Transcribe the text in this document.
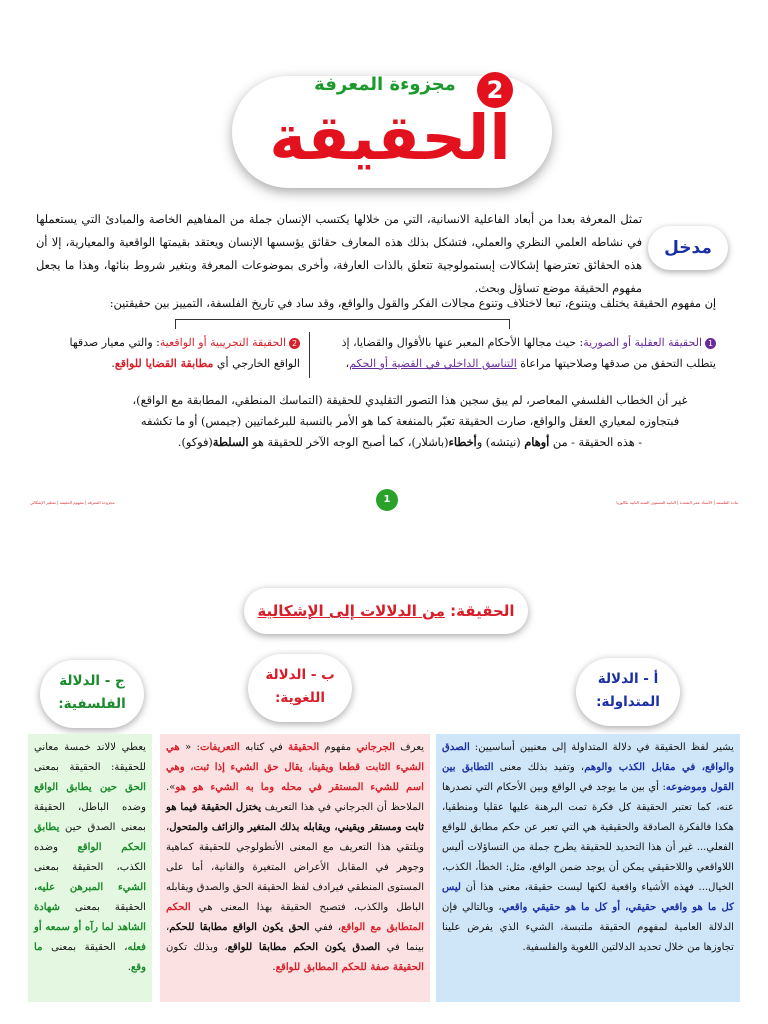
2
مجزوءة المعرفة
الحقيقة
مدخل
تمثل المعرفة بعدا من أبعاد الفاعلية الانسانية، التي من خلالها يكتسب الإنسان جملة من المفاهيم الخاصة والمبادئ التي يستعملها في نشاطه العلمي النظري والعملي، فتشكل بذلك هذه المعارف حقائق يؤسسها الإنسان ويعتقد بقيمتها الواقعية والمعيارية، إلا أن هذه الحقائق تعترضها إشكالات إبستمولوجية تتعلق بالذات العارفة، وأخرى بموضوعات المعرفة وبتغير شروط بنائها، وهذا ما يجعل مفهوم الحقيقة موضع تساؤل وبحث.
إن مفهوم الحقيقة يختلف ويتنوع، تبعا لاختلاف وتنوع مجالات الفكر والقول والواقع، وقد ساد في تاريخ الفلسفة، التمييز بين حقيقتين:
1الحقيقة العقلية أو الصورية: حيث مجالها الأحكام المعبر عنها بالأقوال والقضايا، إذ يتطلب التحقق من صدقها وصلاحيتها مراعاة التناسق الداخلي في القضية أو الحكم،
2الحقيقة التجريبية أو الواقعية: والتي معيار صدقها الواقع الخارجي أي مطابقة القضايا للواقع.
غير أن الخطاب الفلسفي المعاصر، لم يبق سجين هذا التصور التقليدي للحقيقة (التماسك المنطقي، المطابقة مع الواقع)،
فبتجاوزه لمعياري العقل والواقع، صارت الحقيقة تعبّر بالمنفعة كما هو الأمر بالنسبة للبرغماتيين (جيمس) أو ما تكشفه
- هذه الحقيقة - من أوهام (نيتشه) وأخطاء(باشلار)، كما أصبح الوجه الآخر للحقيقة هو السلطة(فوكو).
مادة الفلسفة | الأستاذ عمر الشعدة | الثانية المستوى السنة الثانية بكالوريا
مجزوءة المعرفة | مفهوم الحقيقة | تقطير الإشكالي	1
الحقيقة: من الدلالات إلى الإشكالية
أ - الدلالة
المتداولة:
ب - الدلالة
اللغوية:
ج - الدلالة
الفلسفية:
يشير لفظ الحقيقة في دلالة المتداولة إلى معنيين أساسيين: الصدق والواقع، في مقابل الكذب والوهم، وتفيد بذلك معنى التطابق بين القول وموضوعه: أي بين ما يوجد في الواقع وبين الأحكام التي نصدرها عنه، كما تعتبر الحقيقة كل فكرة تمت البرهنة عليها عقليا ومنطقيا، هكذا فالفكرة الصادقة والحقيقية هي التي تعبر عن حكم مطابق للواقع الفعلي... غير أن هذا التحديد للحقيقة يطرح جملة من التساؤلات أليس اللاواقعي واللاحقيقي يمكن أن يوجد ضمن الواقع، مثل: الخطأ، الكذب، الخيال... فهذه الأشياء واقعية لكنها ليست حقيقة، معنى هذا أن ليس كل ما هو واقعي حقيقي، أو كل ما هو حقيقي واقعي، وبالتالي فإن الدلالة العامية لمفهوم الحقيقة ملتبسة، الشيء الذي يفرض علينا تجاوزها من خلال تحديد الدلالتين اللغوية والفلسفية.
يعرف الجرجاني مفهوم الحقيقة في كتابه التعريفات: « هي الشيء الثابت قطعا ويقينا، يقال حق الشيء إذا ثبت، وهي اسم للشيء المستقر في محله وما به الشيء هو هو». الملاحظ أن الجرجاني في هذا التعريف يختزل الحقيقة فيما هو ثابت ومستقر ويقيني، ويقابله بذلك المتغير والزائف والمتحول، ويلتقي هذا التعريف مع المعنى الأنطولوجي للحقيقة كماهية وجوهر في المقابل الأعراض المتغيرة والفانية، أما على المستوى المنطقي فيرادف لفظ الحقيقة الحق والصدق ويقابله الباطل والكذب، فتصبح الحقيقة بهذا المعنى هي الحكم المتطابق مع الواقع، ففي الحق يكون الواقع مطابقا للحكم، بينما في الصدق يكون الحكم مطابقا للواقع، وبذلك تكون الحقيقة صفة للحكم المطابق للواقع.
يعطي لالاند خمسة معاني للحقيقة: الحقيقة بمعنى الحق حين يطابق الواقع وضده الباطل، الحقيقة بمعنى الصدق حين يطابق الحكم الواقع وضده الكذب، الحقيقة بمعنى الشيء المبرهن عليه، الحقيقة بمعنى شهادة الشاهد لما رآه أو سمعه أو فعله، الحقيقة بمعنى ما وقع.
